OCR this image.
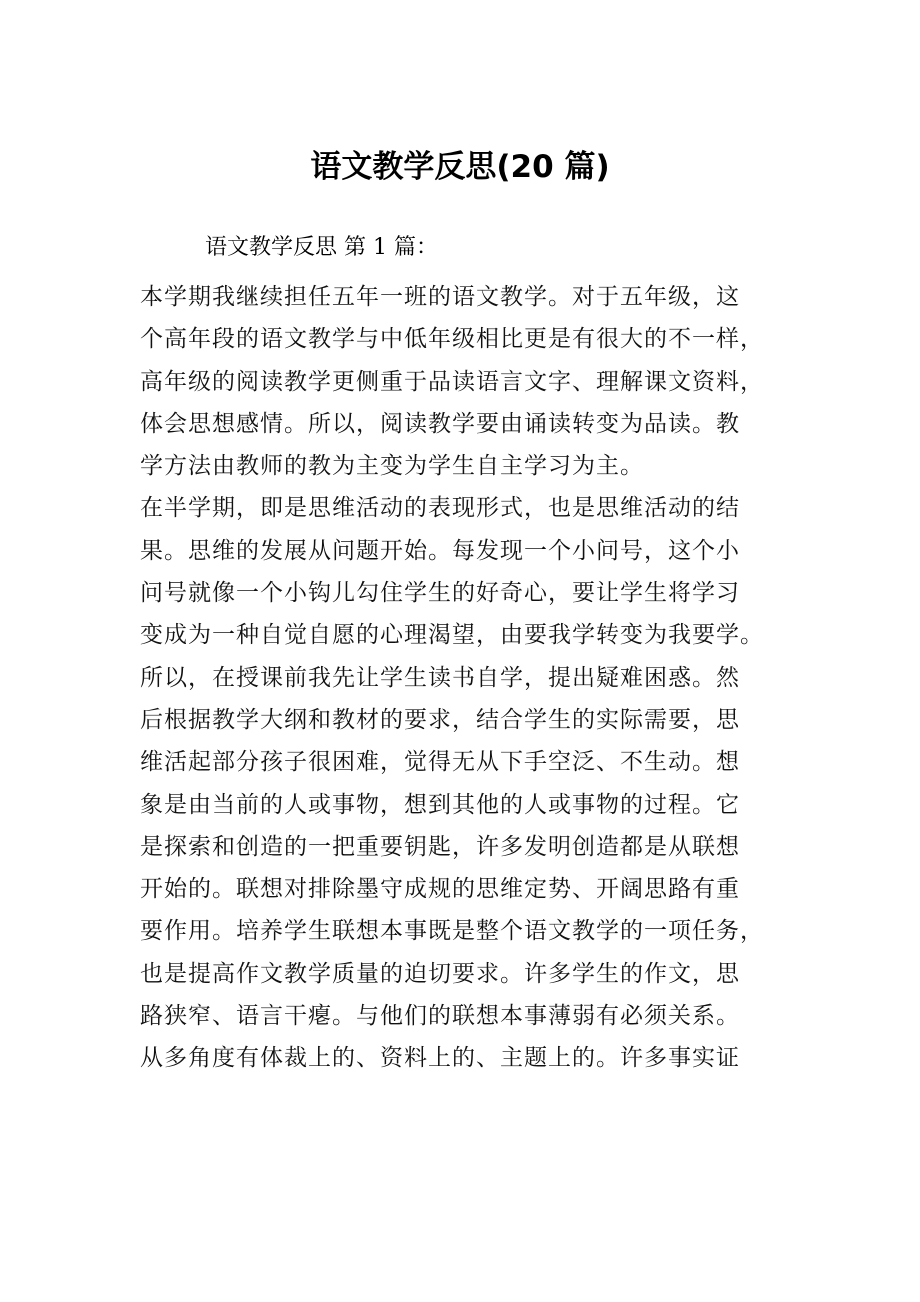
语文教学反思(20 篇)
语文教学反思 第 1 篇：
本学期我继续担任五年一班的语文教学。对于五年级，这
个高年段的语文教学与中低年级相比更是有很大的不一样，
高年级的阅读教学更侧重于品读语言文字、理解课文资料，
体会思想感情。所以，阅读教学要由诵读转变为品读。教
学方法由教师的教为主变为学生自主学习为主。
在半学期，即是思维活动的表现形式，也是思维活动的结
果。思维的发展从问题开始。每发现一个小问号，这个小
问号就像一个小钩儿勾住学生的好奇心，要让学生将学习
变成为一种自觉自愿的心理渴望，由要我学转变为我要学。
所以，在授课前我先让学生读书自学，提出疑难困惑。然
后根据教学大纲和教材的要求，结合学生的实际需要，思
维活起部分孩子很困难，觉得无从下手空泛、不生动。想
象是由当前的人或事物，想到其他的人或事物的过程。它
是探索和创造的一把重要钥匙，许多发明创造都是从联想
开始的。联想对排除墨守成规的思维定势、开阔思路有重
要作用。培养学生联想本事既是整个语文教学的一项任务，
也是提高作文教学质量的迫切要求。许多学生的作文，思
路狭窄、语言干瘪。与他们的联想本事薄弱有必须关系。
从多角度有体裁上的、资料上的、主题上的。许多事实证
